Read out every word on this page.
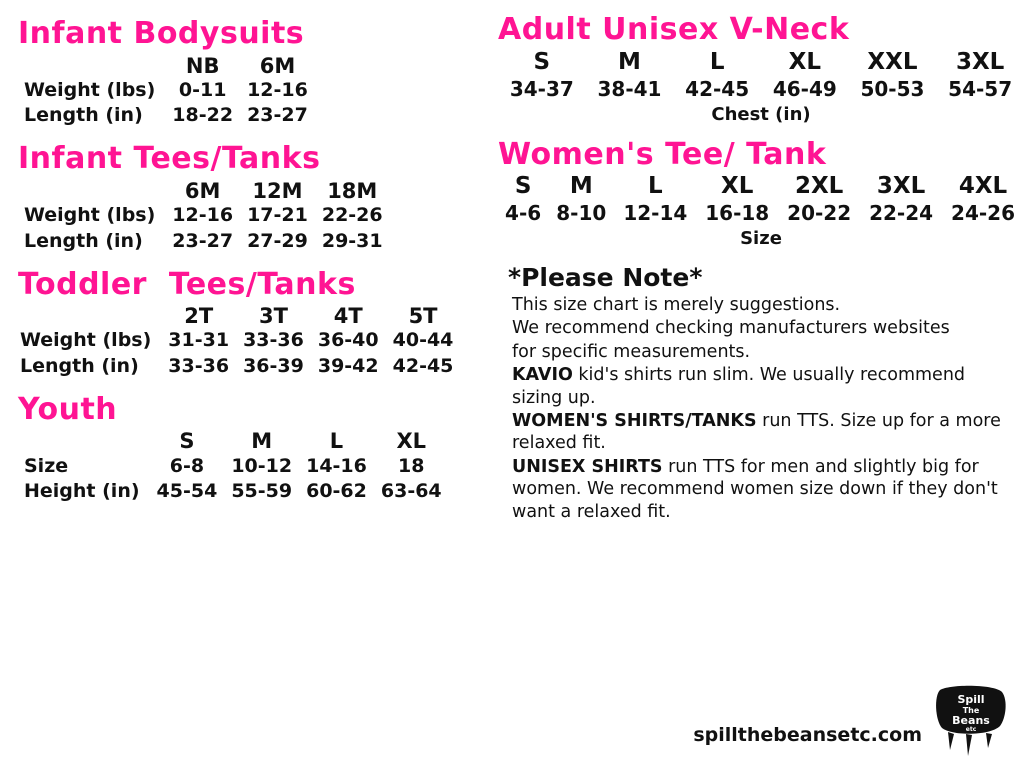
Infant Bodysuits
	NB	6M
Weight (lbs)	0-11	12-16
Length (in)	18-22	23-27
Infant Tees/Tanks
	6M	12M	18M
Weight (lbs)	12-16	17-21	22-26
Length (in)	23-27	27-29	29-31
Toddler  Tees/Tanks
	2T	3T	4T	5T
Weight (lbs)	31-31	33-36	36-40	40-44
Length (in)	33-36	36-39	39-42	42-45
Youth
	S	M	L	XL
Size	6-8	10-12	14-16	18
Height (in)	45-54	55-59	60-62	63-64
Adult Unisex V-Neck
S	M	L	XL	XXL	3XL
34-37	38-41	42-45	46-49	50-53	54-57
Chest (in)
Women's Tee/ Tank
S	M	L	XL	2XL	3XL	4XL
4-6	8-10	12-14	16-18	20-22	22-24	24-26
Size
*Please Note*

This size chart is merely suggestions.

We recommend checking manufacturers websites

for specific measurements.

KAVIO kid's shirts run slim. We usually recommend sizing up.

WOMEN'S SHIRTS/TANKS run TTS. Size up for a more relaxed fit.

UNISEX SHIRTS run TTS for men and slightly big for women. We recommend women size down if they don't want a relaxed fit.

spillthebeansetc.com
Spill
The
Beans
etc
